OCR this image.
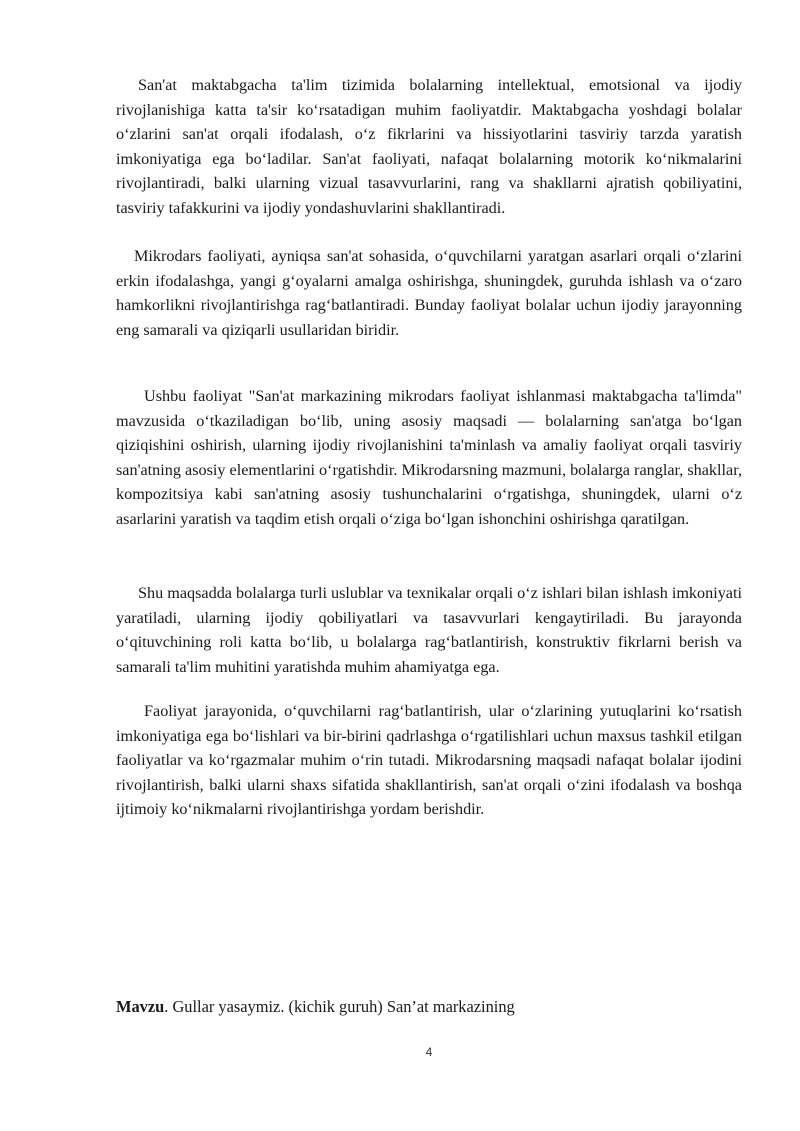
San'at maktabgacha ta'lim tizimida bolalarning intellektual, emotsional va ijodiy rivojlanishiga katta ta'sir ko‘rsatadigan muhim faoliyatdir. Maktabgacha yoshdagi bolalar o‘zlarini san'at orqali ifodalash, o‘z fikrlarini va hissiyotlarini tasviriy tarzda yaratish imkoniyatiga ega bo‘ladilar. San'at faoliyati, nafaqat bolalarning motorik ko‘nikmalarini rivojlantiradi, balki ularning vizual tasavvurlarini, rang va shakllarni ajratish qobiliyatini, tasviriy tafakkurini va ijodiy yondashuvlarini shakllantiradi.

Mikrodars faoliyati, ayniqsa san'at sohasida, o‘quvchilarni yaratgan asarlari orqali o‘zlarini erkin ifodalashga, yangi g‘oyalarni amalga oshirishga, shuningdek, guruhda ishlash va o‘zaro hamkorlikni rivojlantirishga rag‘batlantiradi. Bunday faoliyat bolalar uchun ijodiy jarayonning eng samarali va qiziqarli usullaridan biridir.

Ushbu faoliyat "San'at markazining mikrodars faoliyat ishlanmasi maktabgacha ta'limda" mavzusida o‘tkaziladigan bo‘lib, uning asosiy maqsadi — bolalarning san'atga bo‘lgan qiziqishini oshirish, ularning ijodiy rivojlanishini ta'minlash va amaliy faoliyat orqali tasviriy san'atning asosiy elementlarini o‘rgatishdir. Mikrodarsning mazmuni, bolalarga ranglar, shakllar, kompozitsiya kabi san'atning asosiy tushunchalarini o‘rgatishga, shuningdek, ularni o‘z asarlarini yaratish va taqdim etish orqali o‘ziga bo‘lgan ishonchini oshirishga qaratilgan.

Shu maqsadda bolalarga turli uslublar va texnikalar orqali o‘z ishlari bilan ishlash imkoniyati yaratiladi, ularning ijodiy qobiliyatlari va tasavvurlari kengaytiriladi. Bu jarayonda o‘qituvchining roli katta bo‘lib, u bolalarga rag‘batlantirish, konstruktiv fikrlarni berish va samarali ta'lim muhitini yaratishda muhim ahamiyatga ega.

Faoliyat jarayonida, o‘quvchilarni rag‘batlantirish, ular o‘zlarining yutuqlarini ko‘rsatish imkoniyatiga ega bo‘lishlari va bir-birini qadrlashga o‘rgatilishlari uchun maxsus tashkil etilgan faoliyatlar va ko‘rgazmalar muhim o‘rin tutadi. Mikrodarsning maqsadi nafaqat bolalar ijodini rivojlantirish, balki ularni shaxs sifatida shakllantirish, san'at orqali o‘zini ifodalash va boshqa ijtimoiy ko‘nikmalarni rivojlantirishga yordam berishdir.

Mavzu. Gullar yasaymiz. (kichik guruh) San’at markazining

4
